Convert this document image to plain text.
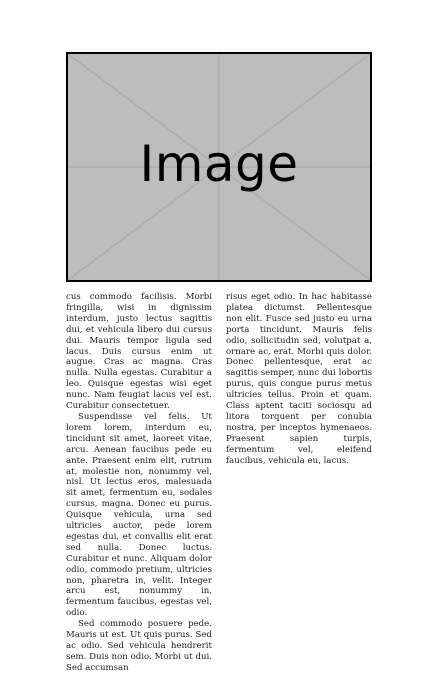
Image

cus commodo facilisis. Morbi fringilla, wisi in dignissim interdum, justo lectus sagittis dui, et vehicula libero dui cursus dui. Mauris tempor ligula sed lacus. Duis cursus enim ut augue. Cras ac magna. Cras nulla. Nulla egestas. Curabitur a leo. Quisque egestas wisi eget nunc. Nam feugiat lacus vel est. Curabitur consectetuer.

Suspendisse vel felis. Ut lorem lorem, interdum eu, tincidunt sit amet, laoreet vitae, arcu. Aenean faucibus pede eu ante. Praesent enim elit, rutrum at, molestie non, nonummy vel, nisl. Ut lectus eros, malesuada sit amet, fermentum eu, sodales cursus, magna. Donec eu purus. Quisque vehicula, urna sed ultricies auctor, pede lorem egestas dui, et convallis elit erat sed nulla. Donec luctus. Curabitur et nunc. Aliquam dolor odio, commodo pretium, ultricies non, pharetra in, velit. Integer arcu est, nonummy in, fermentum faucibus, egestas vel, odio.

Sed commodo posuere pede. Mauris ut est. Ut quis purus. Sed ac odio. Sed vehicula hendrerit sem. Duis non odio. Morbi ut dui. Sed accumsan

risus eget odio. In hac habitasse platea dictumst. Pellentesque non elit. Fusce sed justo eu urna porta tincidunt. Mauris felis odio, sollicitudin sed, volutpat a, ornare ac, erat. Morbi quis dolor. Donec pellentesque, erat ac sagittis semper, nunc dui lobortis purus, quis congue purus metus ultricies tellus. Proin et quam. Class aptent taciti sociosqu ad litora torquent per conubia nostra, per inceptos hymenaeos. Praesent sapien turpis, fermentum vel, eleifend faucibus, vehicula eu, lacus.
